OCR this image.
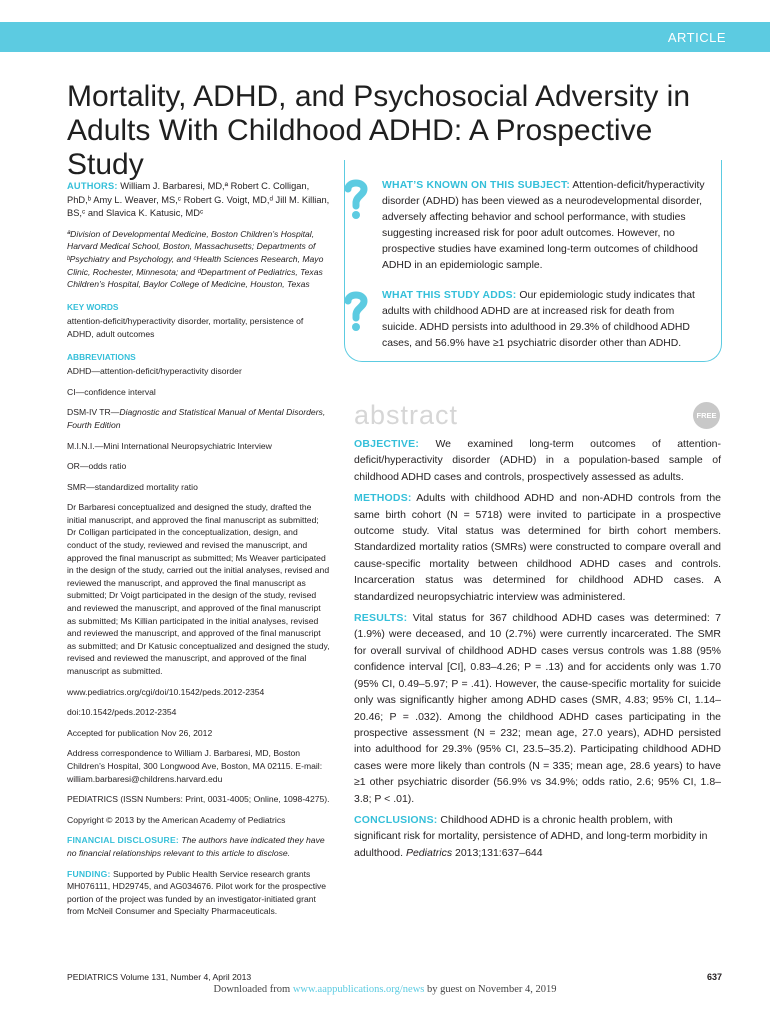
ARTICLE
Mortality, ADHD, and Psychosocial Adversity in Adults With Childhood ADHD: A Prospective Study

AUTHORS: William J. Barbaresi, MD,ª Robert C. Colligan, PhD,ᵇ Amy L. Weaver, MS,ᶜ Robert G. Voigt, MD,ᵈ Jill M. Killian, BS,ᶜ and Slavica K. Katusic, MDᶜ

ªDivision of Developmental Medicine, Boston Children’s Hospital, Harvard Medical School, Boston, Massachusetts; Departments of ᵇPsychiatry and Psychology, and ᶜHealth Sciences Research, Mayo Clinic, Rochester, Minnesota; and ᵈDepartment of Pediatrics, Texas Children’s Hospital, Baylor College of Medicine, Houston, Texas

KEY WORDS

attention-deficit/hyperactivity disorder, mortality, persistence of ADHD, adult outcomes

ABBREVIATIONS

ADHD—attention-deficit/hyperactivity disorder

CI—confidence interval

DSM-IV TR—Diagnostic and Statistical Manual of Mental Disorders, Fourth Edition

M.I.N.I.—Mini International Neuropsychiatric Interview

OR—odds ratio

SMR—standardized mortality ratio

Dr Barbaresi conceptualized and designed the study, drafted the initial manuscript, and approved the final manuscript as submitted; Dr Colligan participated in the conceptualization, design, and conduct of the study, reviewed and revised the manuscript, and approved the final manuscript as submitted; Ms Weaver participated in the design of the study, carried out the initial analyses, revised and reviewed the manuscript, and approved the final manuscript as submitted; Dr Voigt participated in the design of the study, revised and reviewed the manuscript, and approved of the final manuscript as submitted; Ms Killian participated in the initial analyses, revised and reviewed the manuscript, and approved of the final manuscript as submitted; and Dr Katusic conceptualized and designed the study, revised and reviewed the manuscript, and approved of the final manuscript as submitted.

www.pediatrics.org/cgi/doi/10.1542/peds.2012-2354

doi:10.1542/peds.2012-2354

Accepted for publication Nov 26, 2012

Address correspondence to William J. Barbaresi, MD, Boston Children’s Hospital, 300 Longwood Ave, Boston, MA 02115. E-mail: william.barbaresi@childrens.harvard.edu

PEDIATRICS (ISSN Numbers: Print, 0031-4005; Online, 1098-4275).

Copyright © 2013 by the American Academy of Pediatrics

FINANCIAL DISCLOSURE: The authors have indicated they have no financial relationships relevant to this article to disclose.

FUNDING: Supported by Public Health Service research grants MH076111, HD29745, and AG034676. Pilot work for the prospective portion of the project was funded by an investigator-initiated grant from McNeil Consumer and Specialty Pharmaceuticals.

WHAT’S KNOWN ON THIS SUBJECT: Attention-deficit/hyperactivity disorder (ADHD) has been viewed as a neurodevelopmental disorder, adversely affecting behavior and school performance, with studies suggesting increased risk for poor adult outcomes. However, no prospective studies have examined long-term outcomes of childhood ADHD in an epidemiologic sample.
WHAT THIS STUDY ADDS: Our epidemiologic study indicates that adults with childhood ADHD are at increased risk for death from suicide. ADHD persists into adulthood in 29.3% of childhood ADHD cases, and 56.9% have ≥1 psychiatric disorder other than ADHD.
abstract	FREE

OBJECTIVE: We examined long-term outcomes of attention-deficit/hyperactivity disorder (ADHD) in a population-based sample of childhood ADHD cases and controls, prospectively assessed as adults.

METHODS: Adults with childhood ADHD and non-ADHD controls from the same birth cohort (N = 5718) were invited to participate in a prospective outcome study. Vital status was determined for birth cohort members. Standardized mortality ratios (SMRs) were constructed to compare overall and cause-specific mortality between childhood ADHD cases and controls. Incarceration status was determined for childhood ADHD cases. A standardized neuropsychiatric interview was administered.

RESULTS: Vital status for 367 childhood ADHD cases was determined: 7 (1.9%) were deceased, and 10 (2.7%) were currently incarcerated. The SMR for overall survival of childhood ADHD cases versus controls was 1.88 (95% confidence interval [CI], 0.83–4.26; P = .13) and for accidents only was 1.70 (95% CI, 0.49–5.97; P = .41). However, the cause-specific mortality for suicide only was significantly higher among ADHD cases (SMR, 4.83; 95% CI, 1.14–20.46; P = .032). Among the childhood ADHD cases participating in the prospective assessment (N = 232; mean age, 27.0 years), ADHD persisted into adulthood for 29.3% (95% CI, 23.5–35.2). Participating childhood ADHD cases were more likely than controls (N = 335; mean age, 28.6 years) to have ≥1 other psychiatric disorder (56.9% vs 34.9%; odds ratio, 2.6; 95% CI, 1.8–3.8; P < .01).

CONCLUSIONS: Childhood ADHD is a chronic health problem, with significant risk for mortality, persistence of ADHD, and long-term morbidity in adulthood. Pediatrics 2013;131:637–644

PEDIATRICS Volume 131, Number 4, April 2013	637
Downloaded from www.aappublications.org/news by guest on November 4, 2019
